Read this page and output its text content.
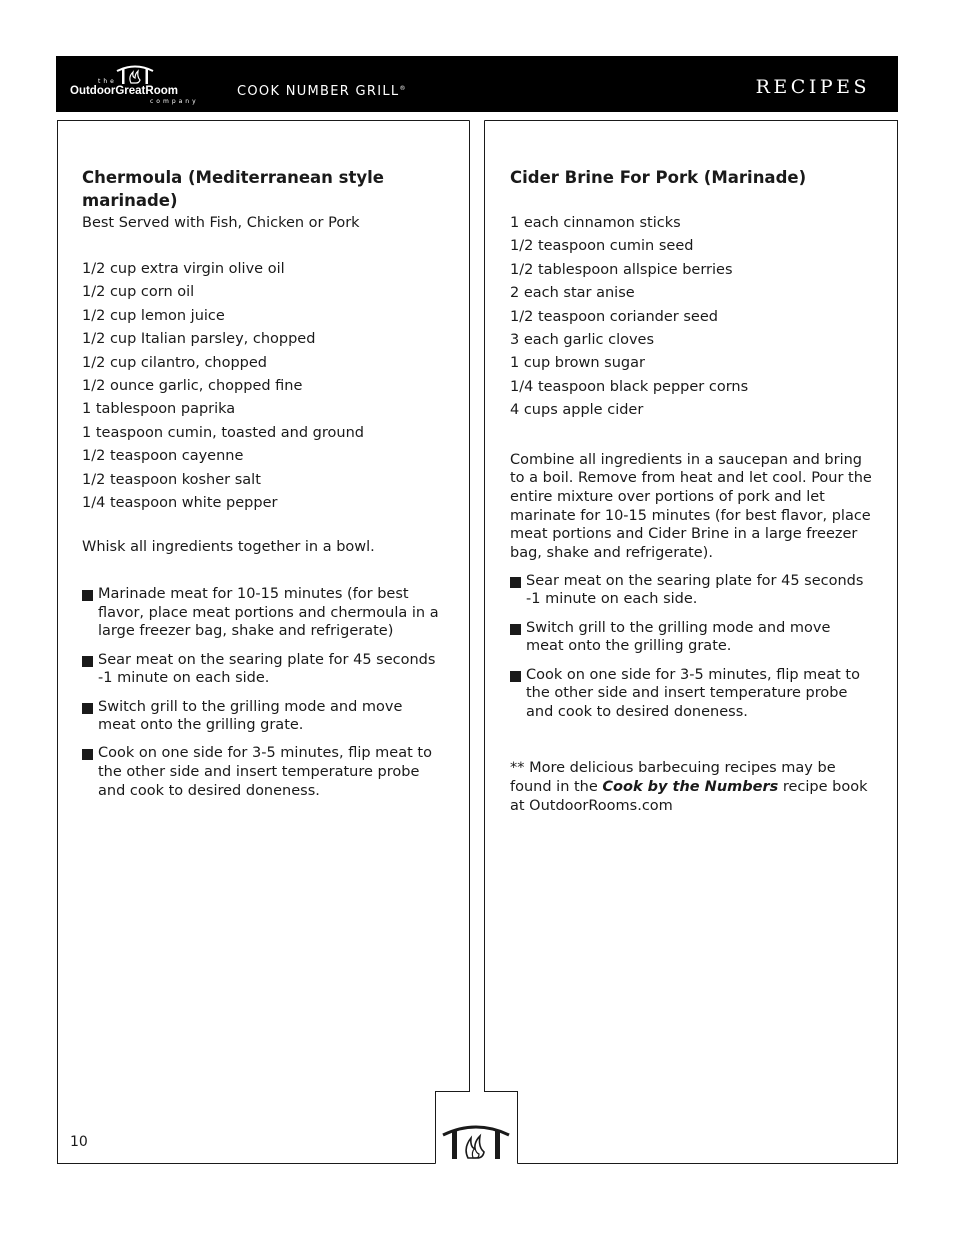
the
OutdoorGreatRoom
company
COOK NUMBER GRILL®	RECIPES
Chermoula (Mediterranean style marinade)

Best Served with Fish, Chicken or Pork

1/2 cup extra virgin olive oil
1/2 cup corn oil
1/2 cup lemon juice
1/2 cup Italian parsley, chopped
1/2 cup cilantro, chopped
1/2 ounce garlic, chopped fine
1 tablespoon paprika
1 teaspoon cumin, toasted and ground
1/2 teaspoon cayenne
1/2 teaspoon kosher salt
1/4 teaspoon white pepper

Whisk all ingredients together in a bowl.

Marinade meat for 10-15 minutes (for best flavor, place meat portions and chermoula in a large freezer bag, shake and refrigerate)
Sear meat on the searing plate for 45 seconds -1 minute on each side.
Switch grill to the grilling mode and move meat onto the grilling grate.
Cook on one side for 3-5 minutes, flip meat to the other side and insert temperature probe and cook to desired doneness.
Cider Brine For Pork (Marinade)
1 each cinnamon sticks
1/2 teaspoon cumin seed
1/2 tablespoon allspice berries
2 each star anise
1/2 teaspoon coriander seed
3 each garlic cloves
1 cup brown sugar
1/4 teaspoon black pepper corns
4 cups apple cider

Combine all ingredients in a saucepan and bring to a boil. Remove from heat and let cool. Pour the entire mixture over portions of pork and let marinate for 10-15 minutes (for best flavor, place meat portions and Cider Brine in a large freezer bag, shake and refrigerate).

Sear meat on the searing plate for 45 seconds -1 minute on each side.
Switch grill to the grilling mode and move meat onto the grilling grate.
Cook on one side for 3-5 minutes, flip meat to the other side and insert temperature probe and cook to desired doneness.

** More delicious barbecuing recipes may be found in the Cook by the Numbers recipe book at OutdoorRooms.com

10
